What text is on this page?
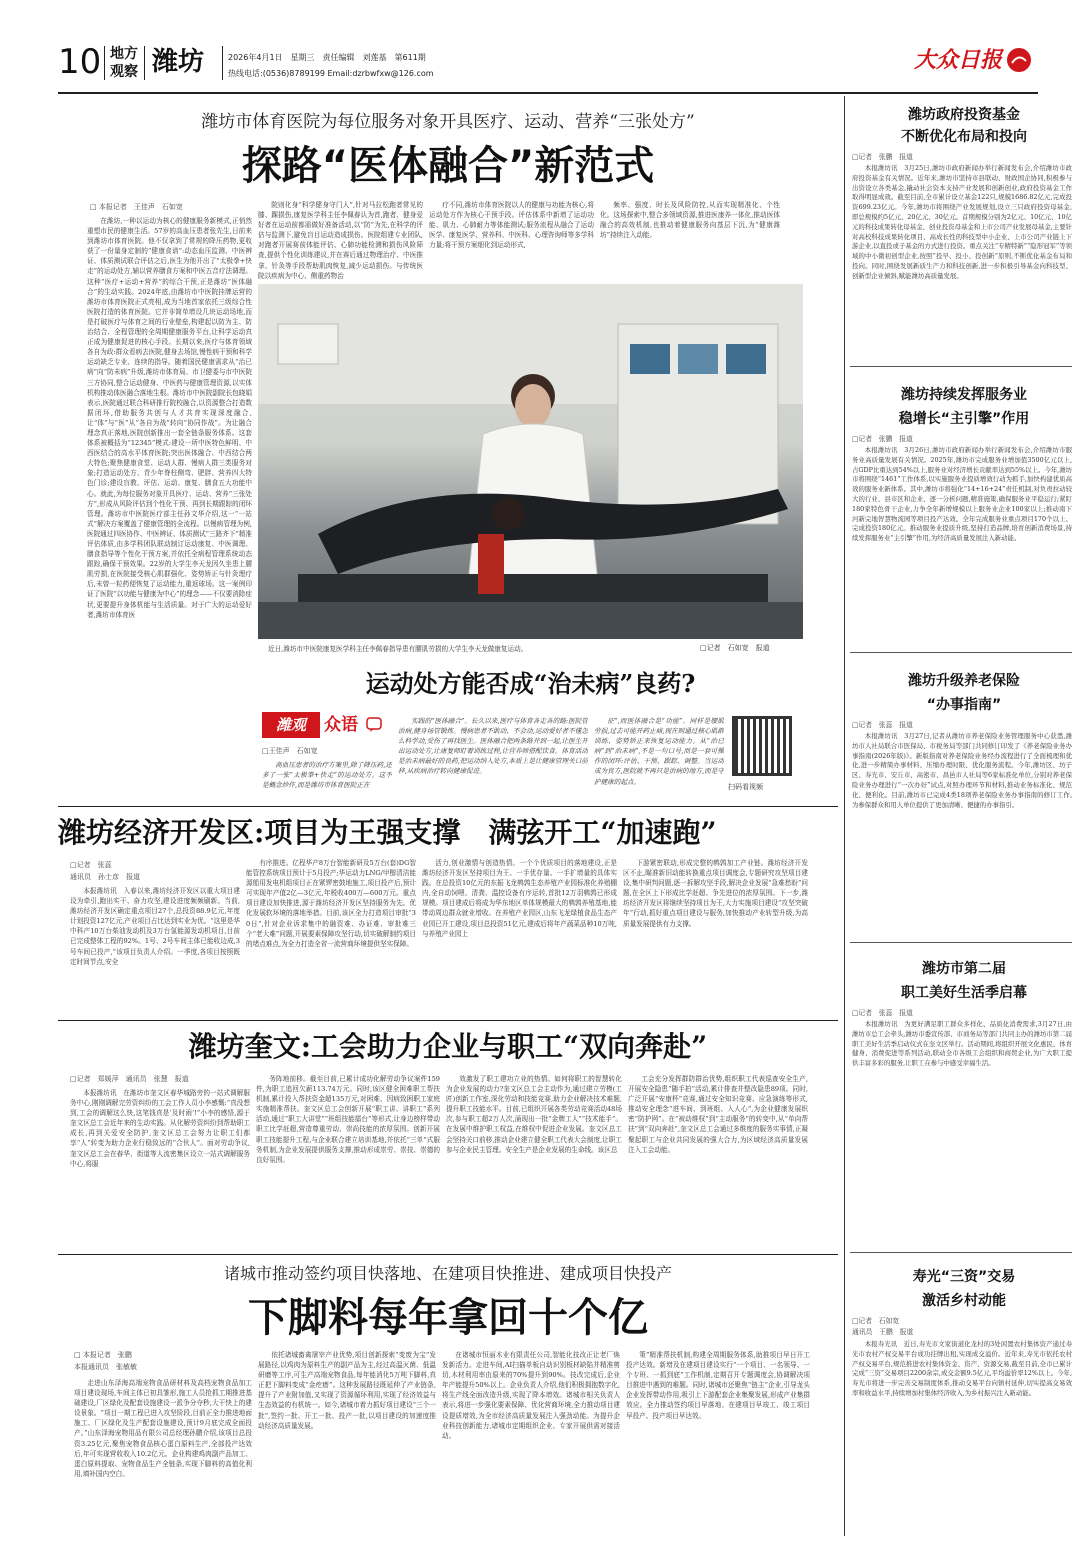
10 地方
观察 潍坊	2026年4月1日　星期三　责任编辑　刘莲基　第611期
热线电话:(0536)8789199 Email:dzrbwfxw@126.com
大众日报
潍坊市体育医院为每位服务对象开具医疗、运动、营养“三张处方”
探路“医体融合”新范式
□ 本报记者　王佳声　石如宽

在潍坊,一种以运动为核心的健康服务新模式,正悄然重塑市民的健康生活。57岁的高血压患者张先生,日前来到潍坊市体育医院。他不仅拿到了常规的降压药物,更收获了一份量身定制的“健康食谱”:动态血压监测、中医辨证、体质测试联合评估之后,医生为他开出了“太极拳+快走”的运动处方,辅以营养膳食方案和中医五音疗法调理。这种“医疗+运动+营养”的综合干预,正是潍坊“医体融合”的生动实践。2024年底,由潍坊市中医院挂牌运营的潍坊市体育医院正式亮相,成为当地首家依托三级综合性医院打造的体育医院。它并非简单增设几块运动场地,而是打破医疗与体育之间的行业壁垒,构建起以防为主、防治结合、全程管理的全周期健康服务平台,让科学运动真正成为健康促进的核心手段。长期以来,医疗与体育领域各自为政:群众看病去医院,健身去场馆,慢性病干预和科学运动缺乏专业、连续的指导。随着国民健康需求从“治已病”向“防未病”升级,潍坊市体育局、市卫健委与市中医院三方协同,整合运动健身、中医药与健康管理资源,以实体机构推动体医融合落地生根。潍坊市中医院副院长包晓娟表示,医院通过联合科研推行院校融合,以资源整合打造数据闭环,借助服务共创与人才共育实现深度融合,让“体”与“医”从“各自为战”转向“协同作战”。为让融合理念真正落地,医院创新推出一套全链条服务体系。这套体系被概括为“12345”模式:建设一所中医特色鲜明、中西医结合的高水平体育医院;突出医体融合、中西结合两大特色;聚焦健康食堂、运动人群、慢病人群三类服务对象;打造运动处方、青少年脊柱侧弯、肥胖、营养四大特色门诊;建设盲教、评估、运动、康复、膳食五大功能中心。就此,为每位服务对象开具医疗、运动、营养“三张处方”,形成从风险评估到个性化干预、再到长期跟踪的闭环管理。潍坊市中医院医疗部主任孙文华介绍,这一“一站式”解决方案覆盖了健康管理的全流程。以慢病管理为例,医院通过四医协作、中医辨证、体质测试“三路齐下”精准评估体质,由多学科团队联动制订运动康复、中医调理、膳食指导等个性化干预方案,并依托全病程管理系统动态跟踪,确保干预效果。22岁的大学生李天龙因久坐患上腰肌劳损,在医院接受核心肌群强化、姿势矫正与针灸理疗后,未曾一粒药便恢复了运动能力,重返球场。这一案例印证了医院“以功能与健康为中心”的理念——不仅要消除症状,更要提升身体机能与生活质量。对于广大的运动爱好者,潍坊市体育医

院则化身“科学健身守门人”,针对马拉松跑者常见的膝、踝损伤,康复医学科主任李佩春认为首,跑者、健身爱好者在运动前都需做好准备活动,以“防”为先,在科学的评估与监测下,避免盲目运动造成损伤。医院组建专业团队,对跑者开展赛前体能评估、心肺功能检测和损伤风险筛查,提供个性化训练建议,并在赛后通过物理治疗、中医推拿、针灸等手段帮助肌肉恢复,减少运动损伤。与传统医院以疾病为中心、侧重药物治

疗不同,潍坊市体育医院以人的健康与功能为核心,将运动处方作为核心干预手段。评估体系中新增了运动功能、肌力、心肺耐力等体能测试;服务流程从融合了运动医学、康复医学、营养科、中医科、心理咨询师等多学科力量;将干预方案细化到运动形式,

频率、强度、时长及风险防控,从而实现精准化、个性化。这场探索中,整合多领域资源,推进医康养一体化,推动医体融合的高效机制,也推动着健康服务向基层下沉,为“健康潍坊”持续注入动能。

近日,潍坊市中医院康复医学科主任李佩春指导患有腰肌劳损的大学生李天龙做康复运动。	□记者　石如宽　报道
运动处方能否成“治未病”良药?
潍观	众语
□王佳声　石如宽

高血压患者的治疗方案里,除了降压药,还多了一张“太极拳+快走”的运动处方。这不是概念炒作,而是潍坊市体育医院正在

实践的“医体融合”。长久以来,医疗与体育各走各的路:医院管治病,健身场管锻炼。慢病患者不敢动、不会动,运动爱好者不懂怎么科学动,受伤了再找医生。医体融合把两条路并到一起,让医生开出运动处方,让康复师盯着训练过程,让营养师搭配饮食。体育活动是治未病最好的良药,把运动纳入处方,本质上是让健康管理关口前移,从疾病治疗转向健康促进。

征”,而医体融合是“功能”。同样是腰肌劳损,过去可能开药止痛,现在则通过核心肌群训练、姿势矫正来恢复运动能力。从“治已病”到“治未病”,不是一句口号,而是一套可操作的闭环:评估、干预、跟踪、调整。当运动成为良方,医院就不再只是治病的地方,而是守护健康的起点。

扫码看视频
潍坊经济开发区:项目为王强支撑　满弦开工“加速跑”
□记者　张蕊
通讯员　孙士彦　报道

本报潍坊讯　入春以来,潍坊经济开发区以重大项目建设为牵引,跑出实干、奋力攻坚,建设进度频频刷新。当前,潍坊经济开发区确定重点项目27个,总投资88.9亿元,年度计划投资127亿元,产业项目占比达到实业为优。“这里是华中科产10万台柴油发动机及3万台氢能源发动机项目,目前已完成整体工程的92%。1号、2号车间主体已能收边成,3号车间已投产,”该项目负责人介绍。一季度,各项目按照既定时间节点,安全

有序推进。亿程华产8万台智能新研及5万台(套)DG智能管控系统项目预计于5月投产;华运动力LNG/甲醇清洁能源船用发电机组项目正在紧锣密鼓地施工,项目投产后,预计可实现年产值2亿—3亿元,年税收400万—600万元。重点项目建设加快推进,源于潍坊经济开发区坚持服务为先。优化发展软环境的落地举措。目前,该区全力打造项目审批“30日”,针对企业诉求集中的融资难、办证难、审批难三个“老大难”问题,开展要素保障攻坚行动,切实破解制约项目的堵点难点,为全力打造全省一流营商环境提供坚实保障。

活力,创业激情与创造热情。一个个优质项目的落地建设,正是潍坊经济开发区坚持项目为王、一手优存量、一手扩增量的具体实践。在总投资10亿元的东振飞龙鹌鹑生态养殖产业园标准化养殖棚内,全自动饲喂、清粪、温控设备有序运转,首批12万羽鹌鹑已形成规模。项目建成后将成为华东地区单体规模最大的鹌鹑养殖基地,能带动周边群众就业增收。在养殖产业园区,山东飞龙绿植食品生态产业园已开工建设,项目总投资51亿元,建成后将年产蔬菜品种10万吨,与养殖产业园上

下游紧密联动,形成完整的鹌鹑加工产业链。潍坊经济开发区不止,瞄准新旧动能转换重点项目调度会,专题研究攻坚项目建设,集中研判问题,逐一拆解攻坚手段,解决企业发展“急难愁盼”问题,在全区上下形成比学赶超、争先进位的浓厚氛围。下一步,潍坊经济开发区将继续坚持项目为王,大力实施项目建设“攻坚突破年”行动,抓好重点项目建设与服务,加快推动产业转型升级,为高质量发展提供有力支撑。

潍坊奎文:工会助力企业与职工“双向奔赴”
□记者　郑媛萍　通讯员　张慧　报道

本报潍坊讯　在潍坊市奎文区春华城路旁的一站式调解服务中心,刚刚调解完劳资纠纷的工会工作人员小李感慨:“真没想到,工会的调解这么快,这笔钱真是‘及时雨’!”小李的感悟,源于奎文区总工会近年来的生动实践。从化解劳资纠纷到帮助职工成长,再到关爱安全防护,奎文区总工会努力让职工们都享“人”转变为助力企业行稳致远的“合伙人”。面对劳动争议,奎文区总工会在春华、街道等人流密集区设立一站式调解服务中心,将服

务阵地前移。截至目前,已累计成功化解劳动争议案件159件,为职工追回欠薪113.74万元。同时,该区健全困难职工帮扶机制,累计投入帮扶资金超135万元,对困难、因病致困职工家庭实施精准帮扶。奎文区总工会创新开展“职工讲、讲职工”系列活动,通过“职工大讲堂”“班组技能擂台”等形式,让身边榜样带动职工比学赶超,营造尊重劳动、崇尚技能的浓厚氛围。创新开展职工技能提升工程,与企业联合建立培训基地,并依托“三单”式服务机制,为企业发展提供服务支撑,推动形成崇劳、崇技、崇德的良好氛围。

效激发了职工建功立业的热情。如何将职工的智慧转化为企业发展的动力?奎文区总工会主动作为,通过建立劳模(工匠)创新工作室,深化劳动和技能竞赛,助力企业解决技术难题,提升职工技能水平。目前,已组织开展各类劳动竞赛活动48场次,参与职工超2万人次,涌现出一批“金牌工人”“技术能手”。在发展中维护职工权益,在维权中促进企业发展。奎文区总工会坚持关口前移,推动企业建立健全职工代表大会制度,让职工参与企业民主管理。安全生产是企业发展的生命线。该区总

工会充分发挥群防群治优势,组织职工代表巡查安全生产,开展安全隐患“随手拍”活动,累计排查并整改隐患89项。同时,广泛开展“安康杯”竞赛,通过安全知识竞赛、应急演练等形式,推动安全理念“进车间、到班组、入人心”,为企业健康发展织密“防护网”。在“被动维权”到“主动服务”的转变中,从“单向帮扶”到“双向奔赴”,奎文区总工会通过多维度的服务实事情,正凝聚起职工与企业共同发展的强大合力,为区域经济高质量发展注入工会动能。

诸城市推动签约项目快落地、在建项目快推进、建成项目快投产
下脚料每年拿回十个亿
□ 本报记者　张鹏
本报通讯员　张敏敏

走进山东泽海高端宠物食品研材料及高档宠物食品加工项目建设现场,车间主体已初具雏形,施工人员抢抓工期推进基础建设,厂区绿化及配套设施建设一派争分夺秒,大干快上的建设景象。“项目一期工程已进入攻坚阶段,目前正全力推进地面施工、厂区绿化及生产配套设施建设,预计9月底完成全面投产。”山东泽海宠物用品有限公司总经理孙鹏介绍,该项目总投资3.25亿元,聚焦宠物食品核心蛋白原料生产,全部投产达效后,年可实现营收收入10.2亿元。企业构建鸡肉副产品加工、蛋白原料提取、宠物食品生产全链条,实现下脚料的高值化利用,填补国内空白。

依托诸城畜禽屠宰产业优势,项目创新探索“变废为宝”发展路径,以鸡肉为原料生产的副产品为主,经过高温灭菌、低温研磨等工序,可生产高端宠物食品,每年能消化5万吨下脚料,真正把下脚料变成“金疙瘩”。这种发展路径既延伸了产业链条,提升了产业附加值,又实现了资源循环利用,实现了经济效益与生态效益的有机统一。如今,诸城市着力抓好项目建设“三个一批”,签约一批、开工一批、投产一批,以项目建设的加速度推动经济高质量发展。

在诸城市恒丽木业有限责任公司,智能化技改正让老厂焕发新活力。走进车间,AI扫描单板自动识别板材缺陷并精准剪切,木材利用率由原来的70%提升到90%。技改完成后,企业年产能提升50%以上。企业负责人介绍,他们积极拥抱数字化,将生产线全面改造升级,实现了降本增效。诸城市相关负责人表示,将进一步强化要素保障、优化营商环境,全力推动项目建设提质增效,为全市经济高质量发展注入强劲动能。为提升企业科技创新能力,诸城市定期组织企业、专家开展供需对接活动。

策”精准帮扶机制,构建全周期服务体系,助推项目早日开工投产达效。新增及在建项目建设实行“一个项目、一名领导、一个专班、一抓到底”工作机制,定期召开专题调度会,协调解决项目推进中遇到的难题。同时,诸城市还聚焦“链主”企业,引导龙头企业发挥带动作用,吸引上下游配套企业集聚发展,形成产业集群效应。全力推动签约项目早落地、在建项目早竣工、竣工项目早投产、投产项目早达效。

潍坊政府投资基金
不断优化布局和投向
□记者　张鹏　报道

本报潍坊讯　3月25日,潍坊市政府新闻办举行新闻发布会,介绍潍坊市政府投资基金有关情况。近年来,潍坊市坚持市县联动、财政国企协同,积极参与出资设立各类基金,撬动社会资本支持产业发展和创新创业,政府投资基金工作取得明显成效。截至目前,全市累计设立基金122只,规模1686.82亿元,完成投资699.23亿元。今年,潍坊市将围绕产业发展规划,设立三只政府投资母基金,即总规模约5亿元、20亿元、30亿元。首期规模分别为2亿元、10亿元、10亿元的科技成果转化母基金、创业投资母基金和上市公司产业发展母基金,主要针对高校科技成果转化项目、高成长性的科技型中小企业、上市公司产业链上下游企业,以直投或子基金的方式进行投资。重点关注“专精特新”“隐形冠军”等领域的中小微初创型企业,按照“投早、投小、投创新”原则,不断优化基金布局和投向。同时,围绕发展新质生产力和科技创新,进一步积极引导基金向科技型、创新型企业倾斜,赋能潍坊高质量发展。

潍坊持续发挥服务业
稳增长“主引擎”作用
□记者　张鹏　报道

本报潍坊讯　3月26日,潍坊市政府新闻办举行新闻发布会,介绍潍坊市服务业高质量发展有关情况。2025年,潍坊市完成服务业增加值3500亿元以上,占GDP比重达到54%以上,服务业对经济增长贡献率达到55%以上。今年,潍坊市将围绕“1461”工作体系,以实施服务业提质增效行动为抓手,加快构建优质高效的服务业新体系。其中,潍坊市将强化“14+16+24”责任机制,对负责拉动较大的行业、县市区和企业、逐一分析问题,精准施策,确保服务业平稳运行;紧盯180家特色骨干企业,力争全年新增规模以上服务业企业100家以上;推动南下河新完地智慧物流园等项目投产达效。全年完成服务业重点项目170个以上、完成投资180亿元。推动服务业提质升级,坚持打造品牌,培育创新消费场景,持续发挥服务业“主引擎”作用,为经济高质量发展注入新动能。

潍坊升级养老保险
“办事指南”
□记者　张蕊　报道

本报潍坊讯　3月27日,记者从潍坊市养老保险业务管理服务中心获悉,潍坊市人社局联合市医保局、市税务局等部门共同修订印发了《养老保险业务办事指南(2026年版)》。新版指南对养老保险业务经办流程进行了全面梳理和优化,进一步精简办事材料、压缩办理时限、优化服务流程。今年,潍坊区、坊子区、寿光市、安丘市、高密市、昌邑市人社局等6家标准化单位,分别对养老保险业务办理进行“一次办好”试点,对照办理环节和材料,推动业务标准化、规范化、便利化。目前,潍坊市已完成4类18项养老保险业务办事指南的修订工作,为参保群众和用人单位提供了更加清晰、便捷的办事指引。

潍坊市第二届
职工美好生活季启幕
□记者　张蕊　报道

本报潍坊讯　为更好满足职工群众多样化、品质化消费需求,3月27日,由潍坊市总工会牵头,潍坊市委宣传部、市商务局等部门共同主办的潍坊市第二届职工美好生活季启动仪式在奎文区举行。活动期间,将组织开展文化惠民、体育健身、消费促进等系列活动,联动全市各级工会组织和商贸企业,为广大职工提供丰富多彩的服务,让职工在参与中感受幸福生活。

寿光“三资”交易
激活乡村动能
□记者　石如宽
通讯员　王鹏　报道

本报寿光讯　近日,寿光市文家街道化龙村的3处闲置农村集体资产通过寿光市农村产权交易平台成功挂牌出租,实现成交溢价。近年来,寿光市依托农村产权交易平台,规范推进农村集体资金、资产、资源交易,截至目前,全市已累计完成“三资”交易项目2200余宗,成交金额9.5亿元,平均溢价率12%以上。今年,寿光市将进一步完善交易制度体系,推动交易平台向镇村延伸,切实提高交易效率和收益水平,持续增加村集体经济收入,为乡村振兴注入新动能。
